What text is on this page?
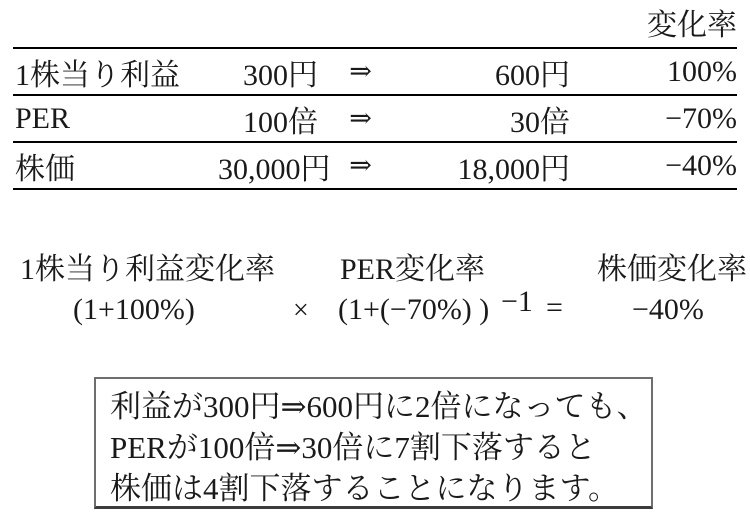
				変化率
1株当り利益	300円	⇒	600円	100%
PER	100倍	⇒	30倍	−70%
株価	30,000円	⇒	18,000円	−40%
1株当り利益変化率
(1+100%)	×
PER変化率
(1+(−70%) ) −1 =
株価変化率
−40%
利益が300円⇒600円に2倍になっても、
PERが100倍⇒30倍に7割下落すると
株価は4割下落することになります。
